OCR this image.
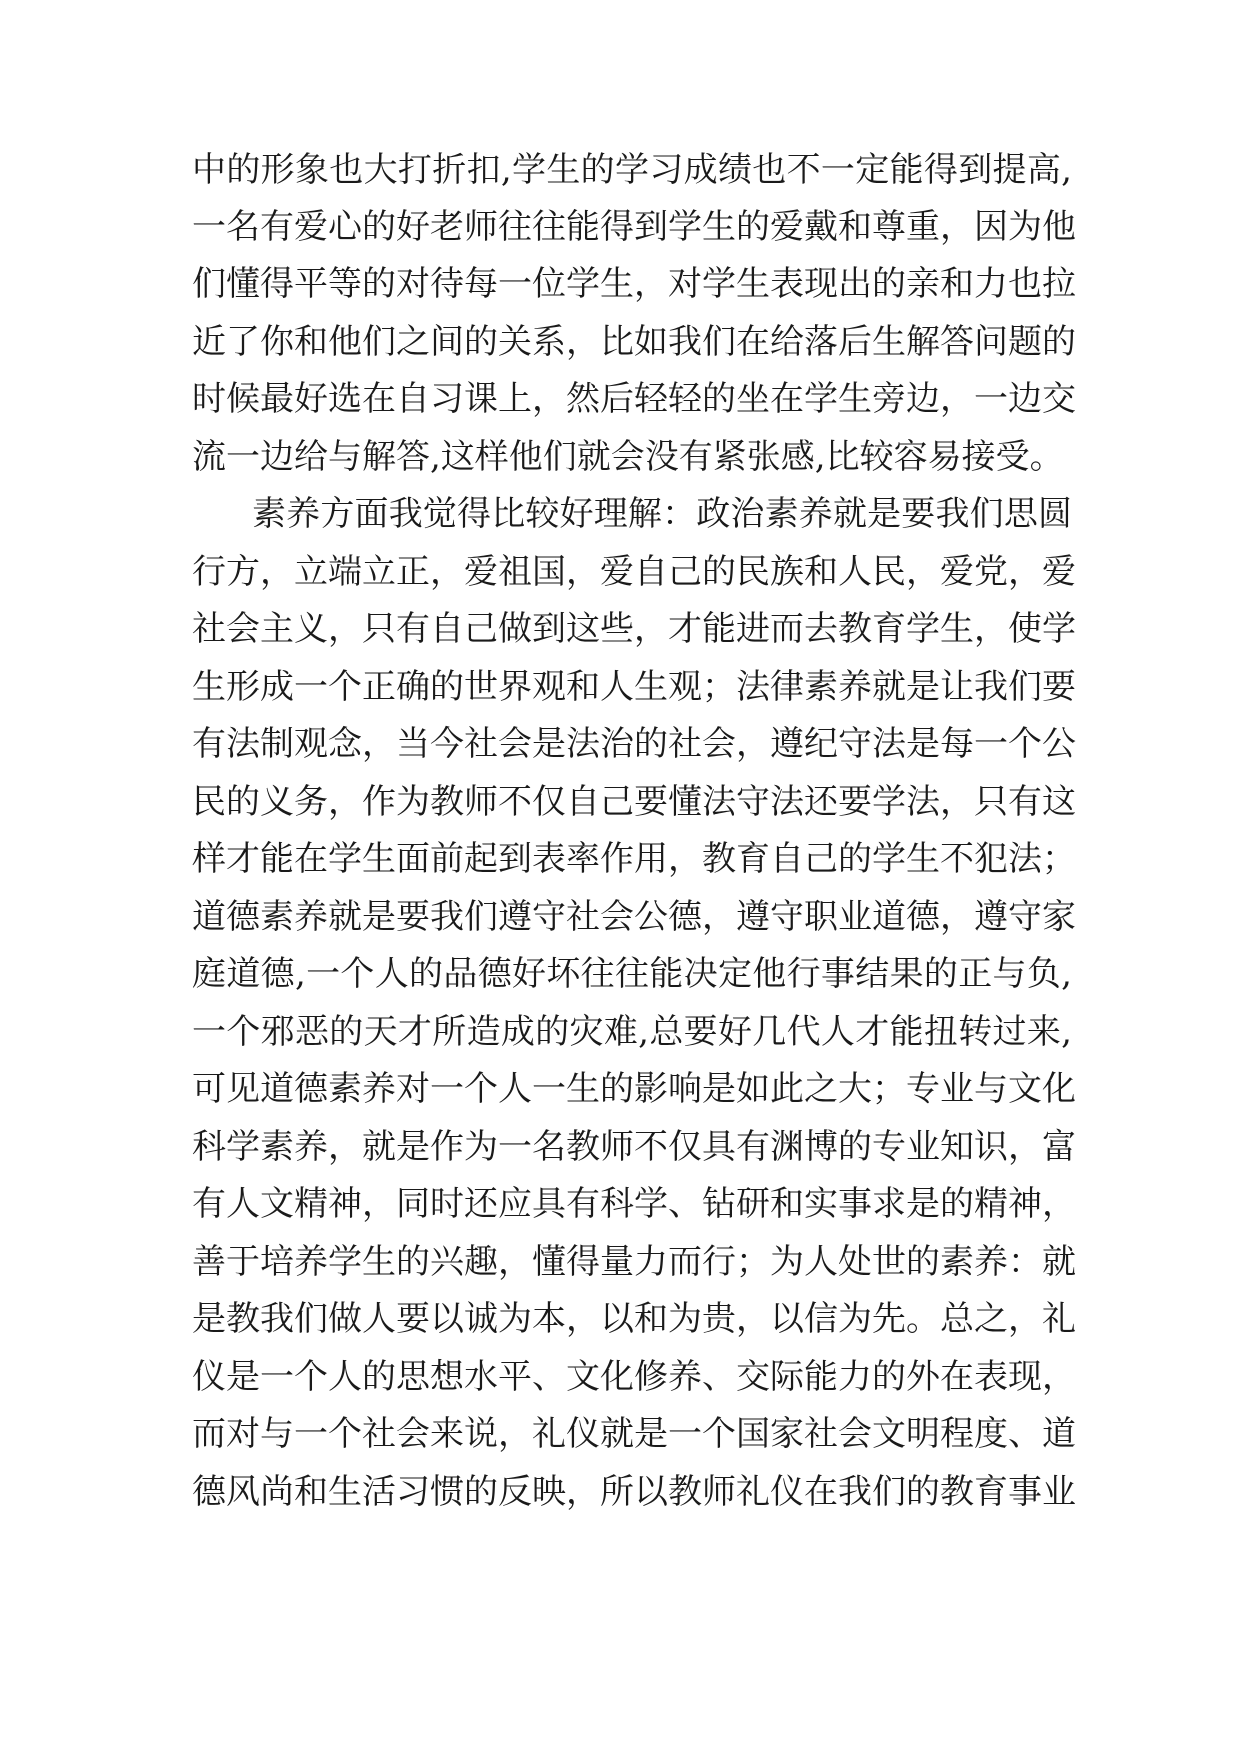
中的形象也大打折扣,学生的学习成绩也不一定能得到提高,
一名有爱心的好老师往往能得到学生的爱戴和尊重，因为他
们懂得平等的对待每一位学生，对学生表现出的亲和力也拉
近了你和他们之间的关系，比如我们在给落后生解答问题的
时候最好选在自习课上，然后轻轻的坐在学生旁边，一边交
流一边给与解答,这样他们就会没有紧张感,比较容易接受。
素养方面我觉得比较好理解：政治素养就是要我们思圆
行方，立端立正，爱祖国，爱自己的民族和人民，爱党，爱
社会主义，只有自己做到这些，才能进而去教育学生，使学
生形成一个正确的世界观和人生观；法律素养就是让我们要
有法制观念，当今社会是法治的社会，遵纪守法是每一个公
民的义务，作为教师不仅自己要懂法守法还要学法，只有这
样才能在学生面前起到表率作用，教育自己的学生不犯法；
道德素养就是要我们遵守社会公德，遵守职业道德，遵守家
庭道德,一个人的品德好坏往往能决定他行事结果的正与负,
一个邪恶的天才所造成的灾难,总要好几代人才能扭转过来,
可见道德素养对一个人一生的影响是如此之大；专业与文化
科学素养，就是作为一名教师不仅具有渊博的专业知识，富
有人文精神，同时还应具有科学、钻研和实事求是的精神，
善于培养学生的兴趣，懂得量力而行；为人处世的素养：就
是教我们做人要以诚为本，以和为贵，以信为先。总之，礼
仪是一个人的思想水平、文化修养、交际能力的外在表现，
而对与一个社会来说，礼仪就是一个国家社会文明程度、道
德风尚和生活习惯的反映，所以教师礼仪在我们的教育事业
